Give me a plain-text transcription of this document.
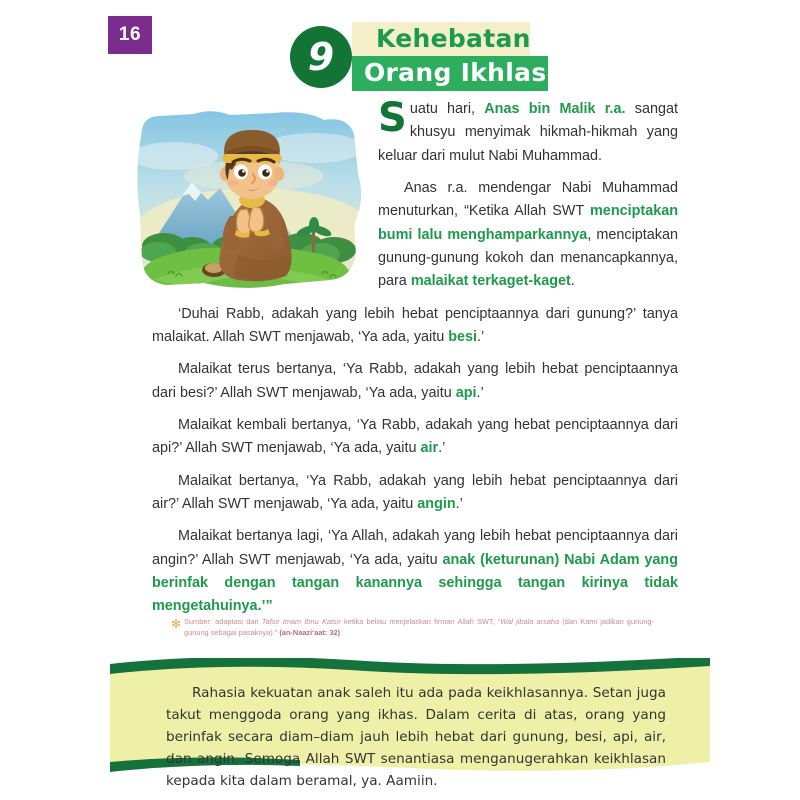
16
9	Kehebatan
Orang Ikhlas

Suatu hari, Anas bin Malik r.a. sangat khusyu menyimak hikmah-hikmah yang keluar dari mulut Nabi Muhammad.

Anas r.a. mendengar Nabi Muhammad menuturkan, “Ketika Allah SWT menciptakan bumi lalu menghamparkannya, menciptakan gunung-gunung kokoh dan menancapkannya, para malaikat terkaget-kaget.

‘Duhai Rabb, adakah yang lebih hebat penciptaannya dari gunung?’ tanya malaikat. Allah SWT menjawab, ‘Ya ada, yaitu besi.’

Malaikat terus bertanya, ‘Ya Rabb, adakah yang lebih hebat penciptaannya dari besi?’ Allah SWT menjawab, ‘Ya ada, yaitu api.’

Malaikat kembali bertanya, ‘Ya Rabb, adakah yang hebat penciptaannya dari api?’ Allah SWT menjawab, ‘Ya ada, yaitu air.’

Malaikat bertanya, ‘Ya Rabb, adakah yang lebih hebat penciptaannya dari air?’ Allah SWT menjawab, ‘Ya ada, yaitu angin.’

Malaikat bertanya lagi, ‘Ya Allah, adakah yang lebih hebat penciptaannya dari angin?’ Allah SWT menjawab, ‘Ya ada, yaitu anak (keturunan) Nabi Adam yang berinfak dengan tangan kanannya sehingga tangan kirinya tidak mengetahuinya.’”

✻ Sumber: adaptasi dari Tafsir Imam Ibnu Katsir ketika beliau menjelaskan firman Allah SWT, “Wal jibala arsaha (dan Kami jadikan gunung-gunung sebagai pasaknya).” (an-Naazi‘aat: 32)
Rahasia kekuatan anak saleh itu ada pada keikhlasannya. Setan juga takut menggoda orang yang ikhas. Dalam cerita di atas, orang yang berinfak secara diam–diam jauh lebih hebat dari gunung, besi, api, air, dan angin. Semoga Allah SWT senantiasa menganugerahkan keikhlasan kepada kita dalam beramal, ya. Aamiin.
